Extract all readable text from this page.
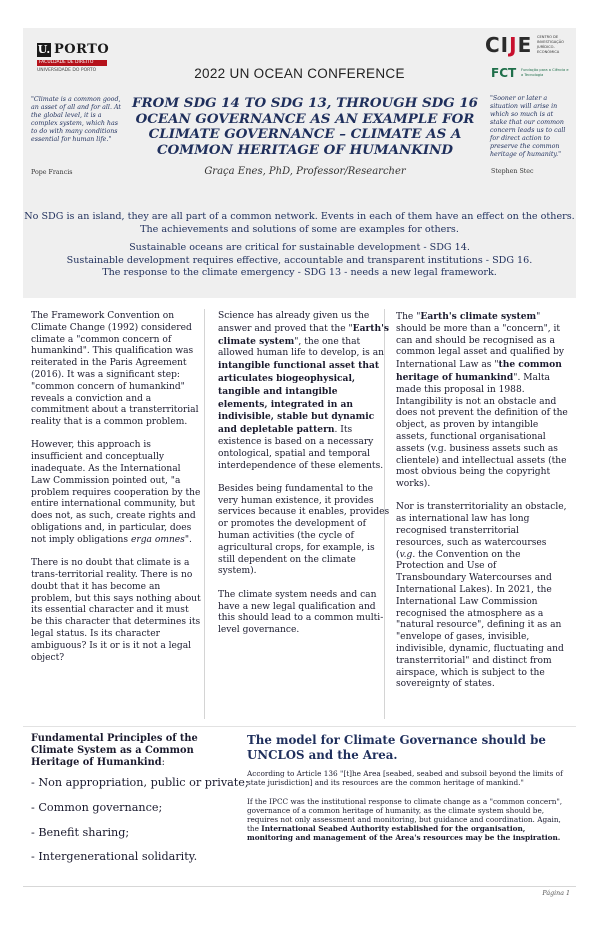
U. PORTO
FACULDADE DE DIREITO
UNIVERSIDADE DO PORTO
CIJE CENTRO DE INVESTIGAÇÃO JURÍDICO-ECONÓMICA
FCT Fundação para a Ciência e a Tecnologia
2022 UN OCEAN CONFERENCE
"Climate is a common good, an asset of all and for all. At the global level, it is a complex system, which has to do with many conditions essential for human life."
Pope Francis
FROM SDG 14 TO SDG 13, THROUGH SDG 16 OCEAN GOVERNANCE AS AN EXAMPLE FOR CLIMATE GOVERNANCE – CLIMATE AS A COMMON HERITAGE OF HUMANKIND
Graça Enes, PhD, Professor/Researcher
"Sooner or later a situation will arise in which so much is at stake that our common concern leads us to call for direct action to preserve the common heritage of humanity."
Stephen Stec
No SDG is an island, they are all part of a common network. Events in each of them have an effect on the others.
The achievements and solutions of some are examples for others.
Sustainable oceans are critical for sustainable development - SDG 14.
Sustainable development requires effective, accountable and transparent institutions - SDG 16.
The response to the climate emergency - SDG 13 - needs a new legal framework.

The Framework Convention on Climate Change (1992) considered climate a "common concern of humankind". This qualification was reiterated in the Paris Agreement (2016). It was a significant step: "common concern of humankind" reveals a conviction and a commitment about a transterritorial reality that is a common problem.

However, this approach is insufficient and conceptually inadequate. As the International Law Commission pointed out, "a problem requires cooperation by the entire international community, but does not, as such, create rights and obligations and, in particular, does not imply obligations erga omnes".

There is no doubt that climate is a trans-territorial reality. There is no doubt that it has become an problem, but this says nothing about its essential character and it must be this character that determines its legal status. Is its character ambiguous? Is it or is it not a legal object?

Science has already given us the answer and proved that the "Earth's climate system", the one that allowed human life to develop, is an intangible functional asset that articulates biogeophysical, tangible and intangible elements, integrated in an indivisible, stable but dynamic and depletable pattern. Its existence is based on a necessary ontological, spatial and temporal interdependence of these elements.

Besides being fundamental to the very human existence, it provides services because it enables, provides or promotes the development of human activities (the cycle of agricultural crops, for example, is still dependent on the climate system).

The climate system needs and can have a new legal qualification and this should lead to a common multi-level governance.

The "Earth's climate system" should be more than a "concern", it can and should be recognised as a common legal asset and qualified by International Law as "the common heritage of humankind". Malta made this proposal in 1988. Intangibility is not an obstacle and does not prevent the definition of the object, as proven by intangible assets, functional organisational assets (v.g. business assets such as clientele) and intellectual assets (the most obvious being the copyright works).

Nor is transterritoriality an obstacle, as international law has long recognised transterritorial resources, such as watercourses (v.g. the Convention on the Protection and Use of Transboundary Watercourses and International Lakes). In 2021, the International Law Commission recognised the atmosphere as a "natural resource", defining it as an "envelope of gases, invisible, indivisible, dynamic, fluctuating and transterritorial" and distinct from airspace, which is subject to the sovereignty of states.

Fundamental Principles of the Climate System as a Common Heritage of Humankind:
- Non appropriation, public or private;
- Common governance;
- Benefit sharing;
- Intergenerational solidarity.
The model for Climate Governance should be UNCLOS and the Area.

According to Article 136 "[t]he Area [seabed, seabed and subsoil beyond the limits of state jurisdiction] and its resources are the common heritage of mankind."

If the IPCC was the institutional response to climate change as a "common concern", governance of a common heritage of humanity, as the climate system should be, requires not only assessment and monitoring, but guidance and coordination. Again, the International Seabed Authority established for the organisation, monitoring and management of the Area's resources may be the inspiration.

Página 1
